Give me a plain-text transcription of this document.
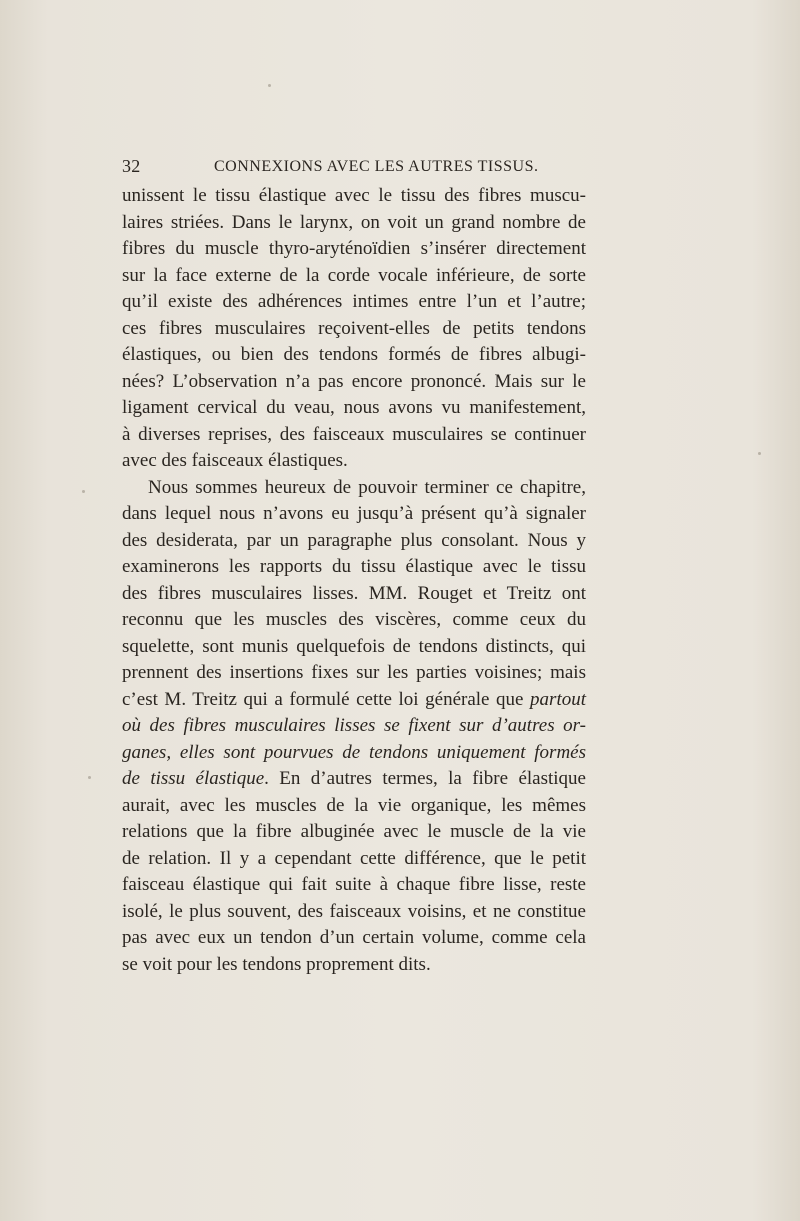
32	CONNEXIONS AVEC LES AUTRES TISSUS.
unissent le tissu élastique avec le tissu des fibres muscu-
laires striées. Dans le larynx, on voit un grand nombre de
fibres du muscle thyro-aryténoïdien s’insérer directement
sur la face externe de la corde vocale inférieure, de sorte
qu’il existe des adhérences intimes entre l’un et l’autre;
ces fibres musculaires reçoivent-elles de petits tendons
élastiques, ou bien des tendons formés de fibres albugi-
nées? L’observation n’a pas encore prononcé. Mais sur le
ligament cervical du veau, nous avons vu manifestement,
à diverses reprises, des faisceaux musculaires se continuer
avec des faisceaux élastiques.
Nous sommes heureux de pouvoir terminer ce chapitre,
dans lequel nous n’avons eu jusqu’à présent qu’à signaler
des desiderata, par un paragraphe plus consolant. Nous y
examinerons les rapports du tissu élastique avec le tissu
des fibres musculaires lisses. MM. Rouget et Treitz ont
reconnu que les muscles des viscères, comme ceux du
squelette, sont munis quelquefois de tendons distincts, qui
prennent des insertions fixes sur les parties voisines; mais
c’est M. Treitz qui a formulé cette loi générale que partout
où des fibres musculaires lisses se fixent sur d’autres or-
ganes, elles sont pourvues de tendons uniquement formés
de tissu élastique. En d’autres termes, la fibre élastique
aurait, avec les muscles de la vie organique, les mêmes
relations que la fibre albuginée avec le muscle de la vie
de relation. Il y a cependant cette différence, que le petit
faisceau élastique qui fait suite à chaque fibre lisse, reste
isolé, le plus souvent, des faisceaux voisins, et ne constitue
pas avec eux un tendon d’un certain volume, comme cela
se voit pour les tendons proprement dits.
